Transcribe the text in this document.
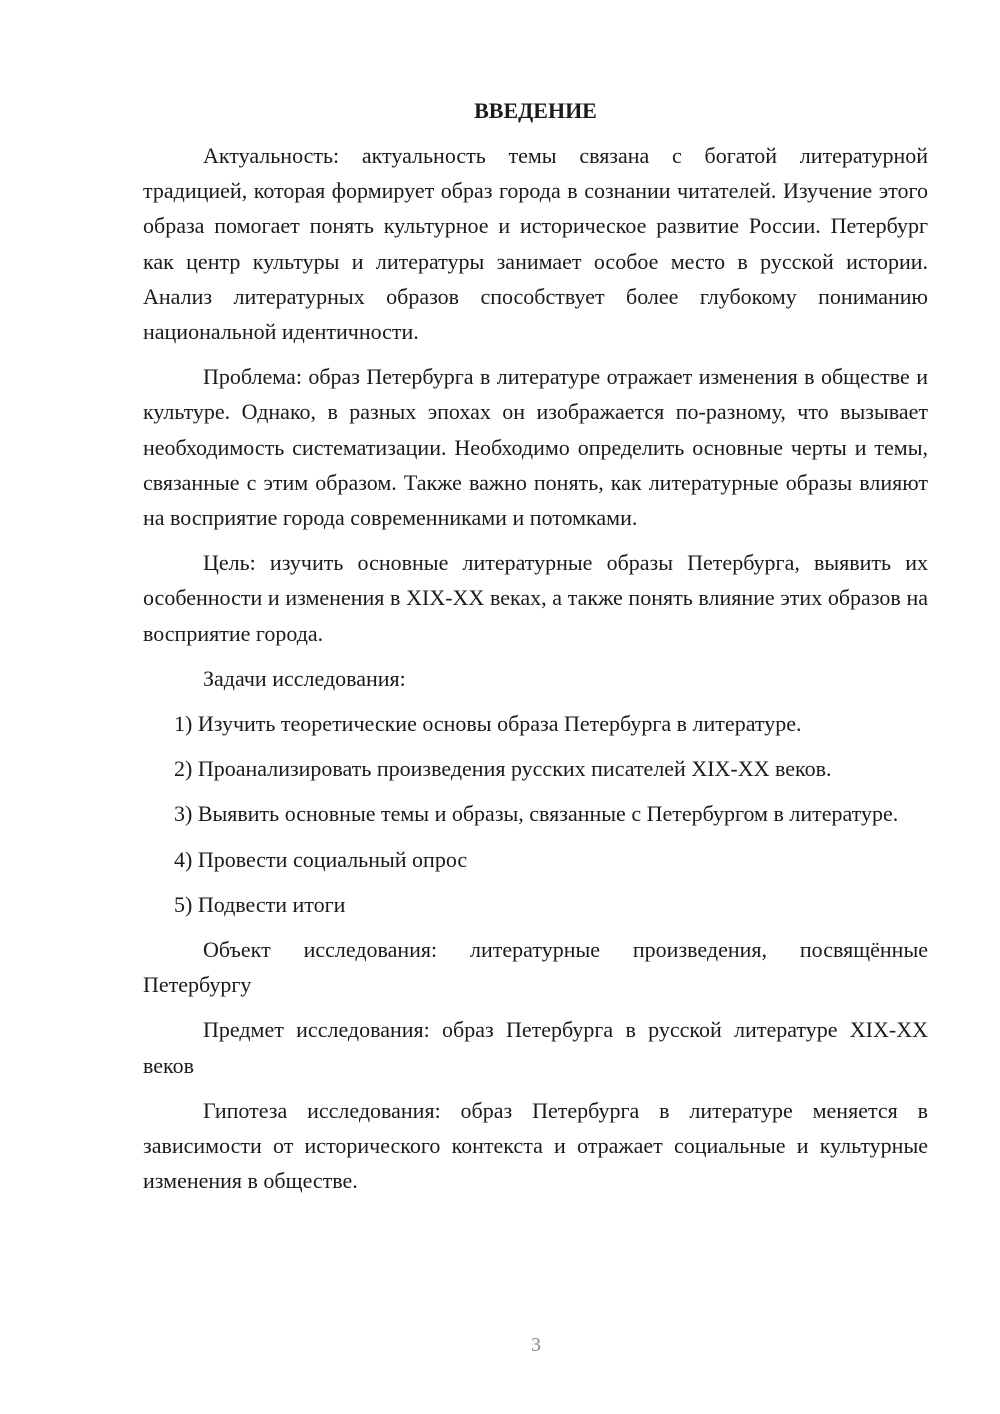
ВВЕДЕНИЕ

Актуальность: актуальность темы связана с богатой литературной традицией, которая формирует образ города в сознании читателей. Изучение этого образа помогает понять культурное и историческое развитие России. Петербург как центр культуры и литературы занимает особое место в русской истории. Анализ литературных образов способствует более глубокому пониманию национальной идентичности.

Проблема: образ Петербурга в литературе отражает изменения в обществе и культуре. Однако, в разных эпохах он изображается по-разному, что вызывает необходимость систематизации. Необходимо определить основные черты и темы, связанные с этим образом. Также важно понять, как литературные образы влияют на восприятие города современниками и потомками.

Цель: изучить основные литературные образы Петербурга, выявить их особенности и изменения в XIX-XX веках, а также понять влияние этих образов на восприятие города.

Задачи исследования:

1) Изучить теоретические основы образа Петербурга в литературе.

2) Проанализировать произведения русских писателей XIX-XX веков.

3) Выявить основные темы и образы, связанные с Петербургом в литературе.

4) Провести социальный опрос

5) Подвести итоги

Объект исследования: литературные произведения, посвящённые Петербургу

Предмет исследования: образ Петербурга в русской литературе XIX-XX веков

Гипотеза исследования: образ Петербурга в литературе меняется в зависимости от исторического контекста и отражает социальные и культурные изменения в обществе.

3
